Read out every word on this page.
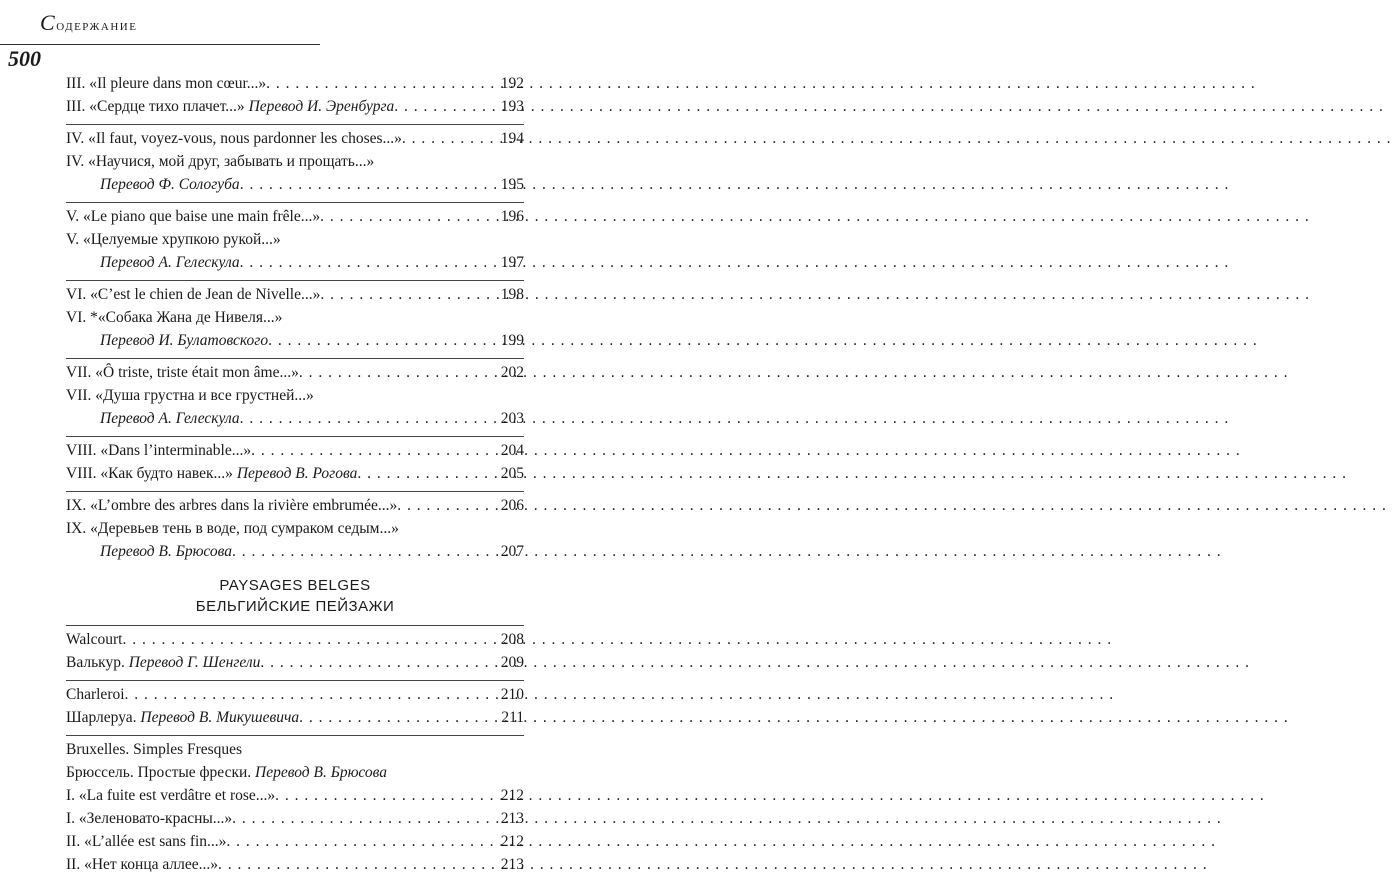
Содержание
500
III. «Il pleure dans mon cœur...» . . .	192
III. «Сердце тихо плачет...» Перевод И. Эренбурга . . .	193
IV. «Il faut, voyez-vous, nous pardonner les choses...» . . .	194
IV. «Научися, мой друг, забывать и прощать...»
Перевод Ф. Сологуба . . .	195
V. «Le piano que baise une main frêle...» . . .	196
V. «Целуемые хрупкою рукой...»
Перевод А. Гелескула . . .	197
VI. «C’est le chien de Jean de Nivelle...» . . .	198
VI. *«Собака Жана де Нивеля...»
Перевод И. Булатовского . . .	199
VII. «Ô triste, triste était mon âme...» . . .	202
VII. «Душа грустна и все грустней...»
Перевод А. Гелескула . . .	203
VIII. «Dans l’interminable...» . . .	204
VIII. «Как будто навек...» Перевод В. Рогова . . .	205
IX. «L’ombre des arbres dans la rivière embrumée...» . . .	206
IX. «Деревьев тень в воде, под сумраком седым...»
Перевод В. Брюсова . . .	207
PAYSAGES BELGES
БЕЛЬГИЙСКИЕ ПЕЙЗАЖИ
Walcourt . . .	208
Валькур. Перевод Г. Шенгели . . .	209
Charleroi . . .	210
Шарлеруа. Перевод В. Микушевича . . .	211
Bruxelles. Simples Fresques
Брюссель. Простые фрески. Перевод В. Брюсова
I. «La fuite est verdâtre et rose...» . . .	212
I. «Зеленовато-красны...» . . .	213
II. «L’allée est sans fin...» . . .	212
II. «Нет конца аллее...» . . .	213
